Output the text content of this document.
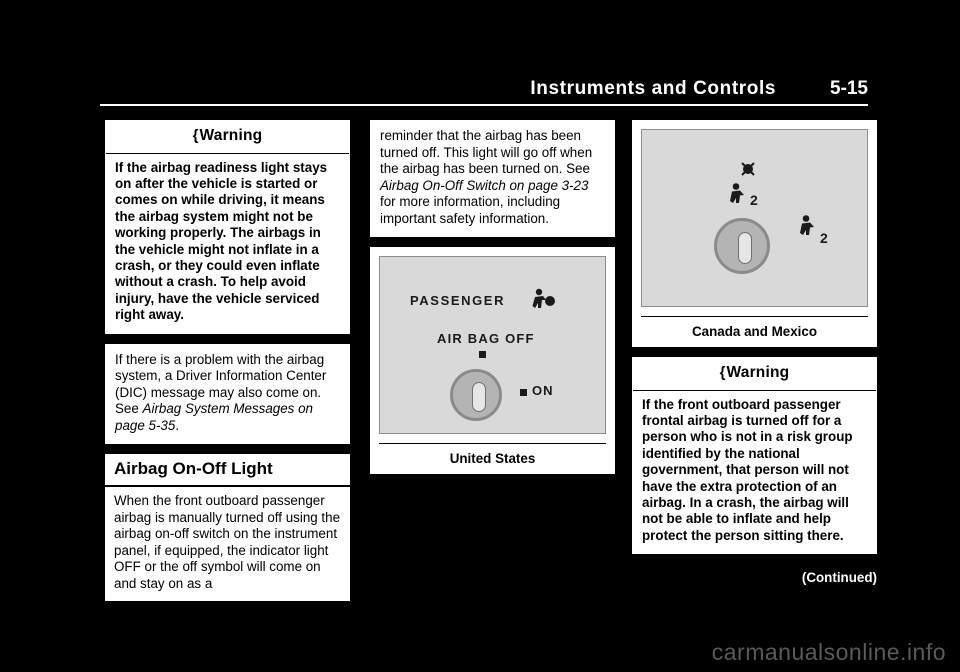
Instruments and Controls	5-15
{ Warning
If the airbag readiness light stays on after the vehicle is started or comes on while driving, it means the airbag system might not be working properly. The airbags in the vehicle might not inflate in a crash, or they could even inflate without a crash. To help avoid injury, have the vehicle serviced right away.

If there is a problem with the airbag system, a Driver Information Center (DIC) message may also come on. See Airbag System Messages on page 5-35.

Airbag On-Off Light
When the front outboard passenger airbag is manually turned off using the airbag on-off switch on the instrument panel, if equipped, the indicator light OFF or the off symbol will come on and stay on as a

reminder that the airbag has been turned off. This light will go off when the airbag has been turned on. See Airbag On-Off Switch on page 3-23 for more information, including important safety information.

PASSENGER
AIR BAG OFF
ON
United States
2
2
Canada and Mexico
{ Warning
If the front outboard passenger frontal airbag is turned off for a person who is not in a risk group identified by the national government, that person will not have the extra protection of an airbag. In a crash, the airbag will not be able to inflate and help protect the person sitting there.
(Continued)
carmanualsonline.info
